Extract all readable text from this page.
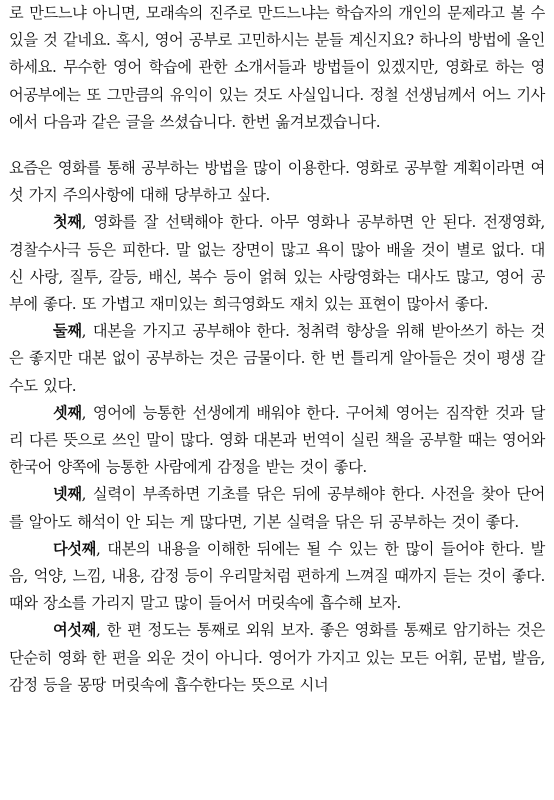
로 만드느냐 아니면, 모래속의 진주로 만드느냐는 학습자의 개인의 문제라고 볼 수 있을 것 같네요. 혹시, 영어 공부로 고민하시는 분들 계신지요? 하나의 방법에 올인 하세요. 무수한 영어 학습에 관한 소개서들과 방법들이 있겠지만, 영화로 하는 영어공부에는 또 그만큼의 유익이 있는 것도 사실입니다. 정철 선생님께서 어느 기사에서 다음과 같은 글을 쓰셨습니다. 한번 옮겨보겠습니다.

요즘은 영화를 통해 공부하는 방법을 많이 이용한다. 영화로 공부할 계획이라면 여섯 가지 주의사항에 대해 당부하고 싶다.

첫째, 영화를 잘 선택해야 한다. 아무 영화나 공부하면 안 된다. 전쟁영화, 경찰수사극 등은 피한다. 말 없는 장면이 많고 욕이 많아 배울 것이 별로 없다. 대신 사랑, 질투, 갈등, 배신, 복수 등이 얽혀 있는 사랑영화는 대사도 많고, 영어 공부에 좋다. 또 가볍고 재미있는 희극영화도 재치 있는 표현이 많아서 좋다.

둘째, 대본을 가지고 공부해야 한다. 청취력 향상을 위해 받아쓰기 하는 것은 좋지만 대본 없이 공부하는 것은 금물이다. 한 번 틀리게 알아들은 것이 평생 갈 수도 있다.

셋째, 영어에 능통한 선생에게 배워야 한다. 구어체 영어는 짐작한 것과 달리 다른 뜻으로 쓰인 말이 많다. 영화 대본과 번역이 실린 책을 공부할 때는 영어와 한국어 양쪽에 능통한 사람에게 감정을 받는 것이 좋다.

넷째, 실력이 부족하면 기초를 닦은 뒤에 공부해야 한다. 사전을 찾아 단어를 알아도 해석이 안 되는 게 많다면, 기본 실력을 닦은 뒤 공부하는 것이 좋다.

다섯째, 대본의 내용을 이해한 뒤에는 될 수 있는 한 많이 들어야 한다. 발음, 억양, 느낌, 내용, 감정 등이 우리말처럼 편하게 느껴질 때까지 듣는 것이 좋다. 때와 장소를 가리지 말고 많이 들어서 머릿속에 흡수해 보자.

여섯째, 한 편 정도는 통째로 외워 보자. 좋은 영화를 통째로 암기하는 것은 단순히 영화 한 편을 외운 것이 아니다. 영어가 가지고 있는 모든 어휘, 문법, 발음, 감정 등을 몽땅 머릿속에 흡수한다는 뜻으로 시너
